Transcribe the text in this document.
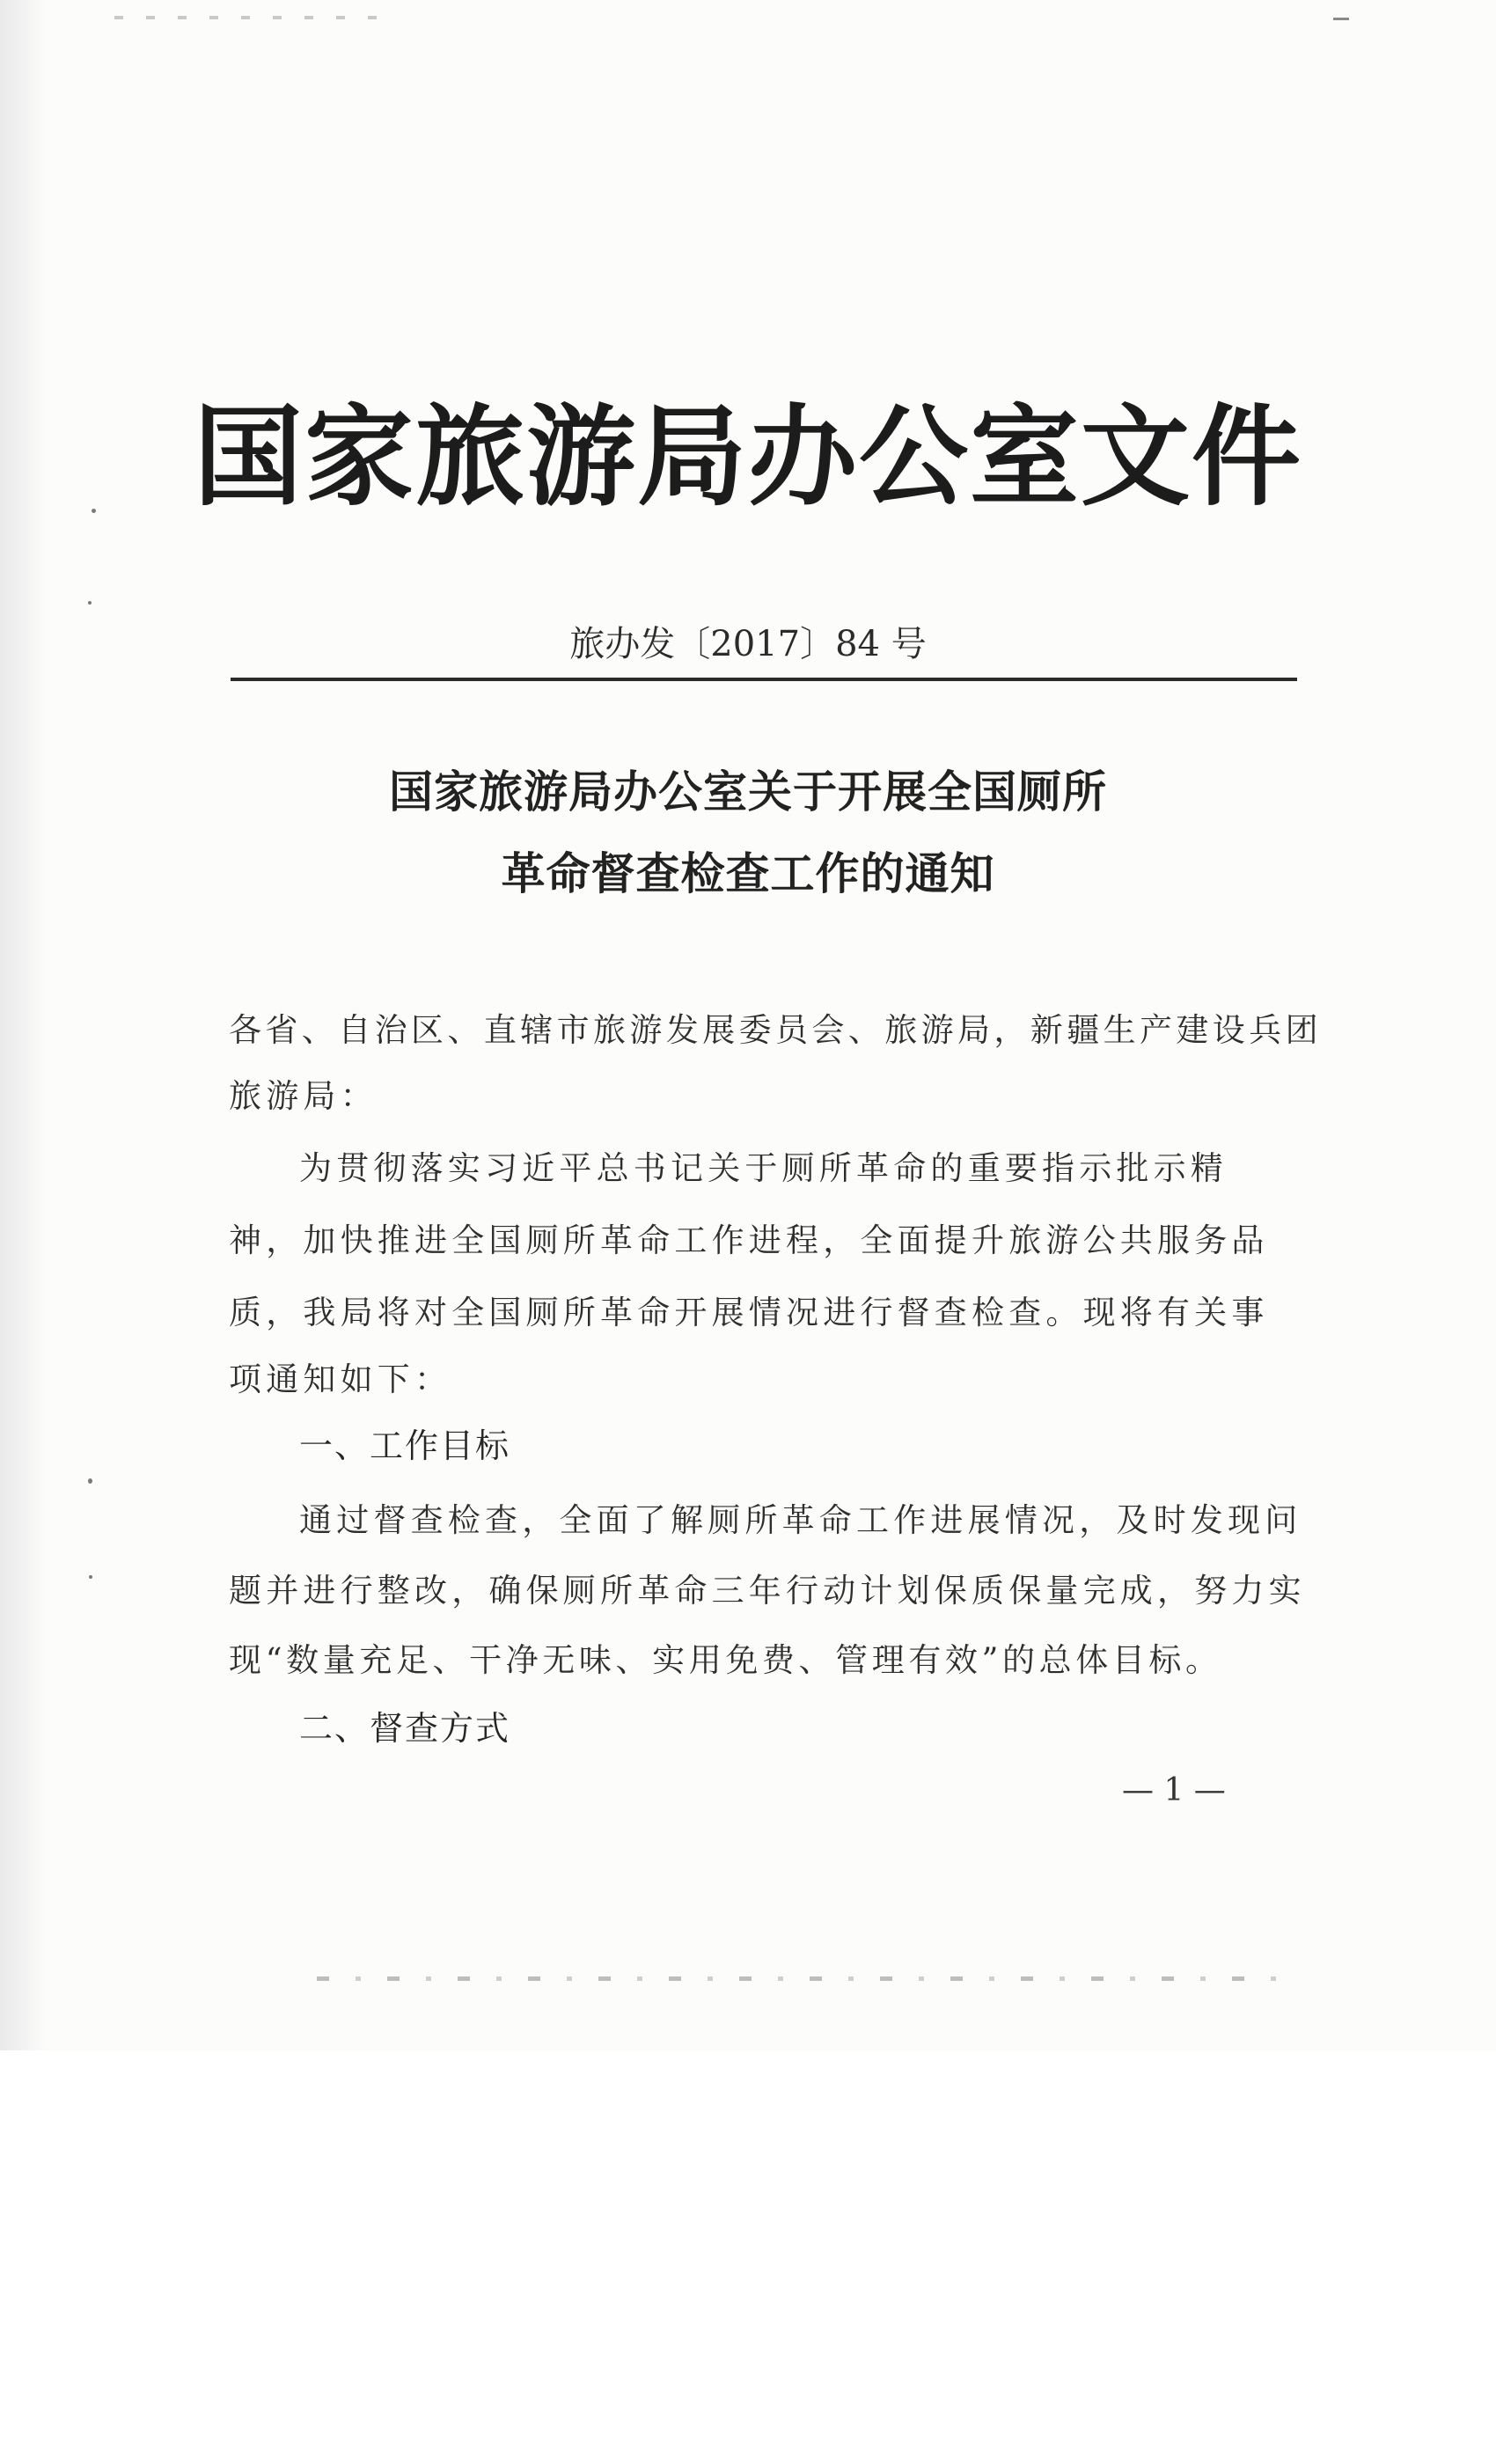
国家旅游局办公室文件
旅办发〔2017〕84 号
国家旅游局办公室关于开展全国厕所
革命督查检查工作的通知
各省、自治区、直辖市旅游发展委员会、旅游局，新疆生产建设兵团
旅游局：
为贯彻落实习近平总书记关于厕所革命的重要指示批示精
神，加快推进全国厕所革命工作进程，全面提升旅游公共服务品
质，我局将对全国厕所革命开展情况进行督查检查。现将有关事
项通知如下：
一、工作目标
通过督查检查，全面了解厕所革命工作进展情况，及时发现问
题并进行整改，确保厕所革命三年行动计划保质保量完成，努力实
现“数量充足、干净无味、实用免费、管理有效”的总体目标。
二、督查方式
— 1 —
